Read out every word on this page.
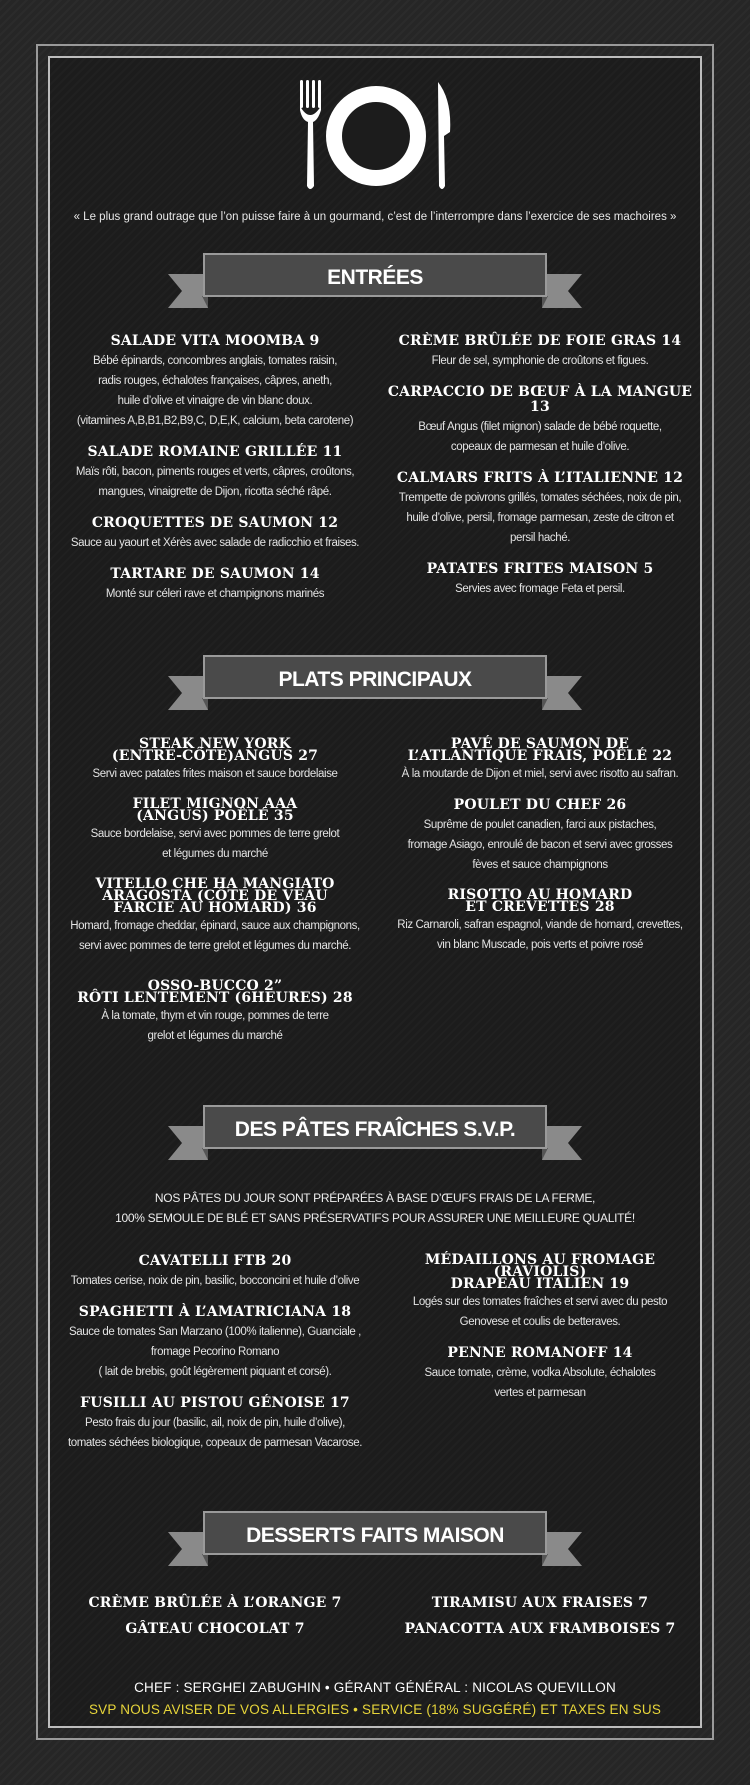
« Le plus grand outrage que l’on puisse faire à un gourmand, c’est de l’interrompre dans l’exercice de ses machoires »
ENTRÉES
PLATS PRINCIPAUX
DES PÂTES FRAÎCHES S.V.P.
DESSERTS FAITS MAISON
SALADE VITA MOOMBA 9
Bébé épinards, concombres anglais, tomates raisin,
radis rouges, échalotes françaises, câpres, aneth,
huile d’olive et vinaigre de vin blanc doux.
(vitamines A,B,B1,B2,B9,C, D,E,K, calcium, beta carotene)
SALADE ROMAINE GRILLÉE 11
Maïs rôti, bacon, piments rouges et verts, câpres, croûtons,
mangues, vinaigrette de Dijon, ricotta séché râpé.
CROQUETTES DE SAUMON 12
Sauce au yaourt et Xérès avec salade de radicchio et fraises.
TARTARE DE SAUMON 14
Monté sur céleri rave et champignons marinés
CRÈME BRÛLÉE DE FOIE GRAS 14
Fleur de sel, symphonie de croûtons et figues.
CARPACCIO DE BŒUF À LA MANGUE 13
Bœuf Angus (filet mignon) salade de bébé roquette,
copeaux de parmesan et huile d’olive.
CALMARS FRITS À L’ITALIENNE 12
Trempette de poivrons grillés, tomates séchées, noix de pin,
huile d’olive, persil, fromage parmesan, zeste de citron et
persil haché.
PATATES FRITES MAISON 5
Servies avec fromage Feta et persil.
STEAK NEW YORK
(ENTRE-CÔTE)ANGUS 27
Servi avec patates frites maison et sauce bordelaise
FILET MIGNON AAA
(ANGUS) POÊLÉ 35
Sauce bordelaise, servi avec pommes de terre grelot
et légumes du marché
VITELLO CHE HA MANGIATO
ARAGOSTA (CÔTE DE VEAU
FARCIE AU HOMARD) 36
Homard, fromage cheddar, épinard, sauce aux champignons,
servi avec pommes de terre grelot et légumes du marché.
OSSO-BUCCO 2”
RÔTI LENTEMENT (6HEURES) 28
À la tomate, thym et vin rouge, pommes de terre
grelot et légumes du marché
PAVÉ DE SAUMON DE
L’ATLANTIQUE FRAIS, POÊLÉ 22
À la moutarde de Dijon et miel, servi avec risotto au safran.
POULET DU CHEF 26
Suprême de poulet canadien, farci aux pistaches,
fromage Asiago, enroulé de bacon et servi avec grosses
fèves et sauce champignons
RISOTTO AU HOMARD
ET CREVETTES 28
Riz Carnaroli, safran espagnol, viande de homard, crevettes,
vin blanc Muscade, pois verts et poivre rosé
NOS PÂTES DU JOUR SONT PRÉPARÉES À BASE D’ŒUFS FRAIS DE LA FERME,
100% SEMOULE DE BLÉ ET SANS PRÉSERVATIFS POUR ASSURER UNE MEILLEURE QUALITÉ!
CAVATELLI FTB 20
Tomates cerise, noix de pin, basilic, bocconcini et huile d’olive
SPAGHETTI À L’AMATRICIANA 18
Sauce de tomates San Marzano (100% italienne), Guanciale ,
fromage Pecorino Romano
( lait de brebis, goût légèrement piquant et corsé).
FUSILLI AU PISTOU GÉNOISE 17
Pesto frais du jour (basilic, ail, noix de pin, huile d’olive),
tomates séchées biologique, copeaux de parmesan Vacarose.
MÉDAILLONS AU FROMAGE
(RAVIOLIS)
DRAPEAU ITALIEN 19
Logés sur des tomates fraîches et servi avec du pesto
Genovese et coulis de betteraves.
PENNE ROMANOFF 14
Sauce tomate, crème, vodka Absolute, échalotes
vertes et parmesan
CRÈME BRÛLÉE À L’ORANGE 7
GÂTEAU CHOCOLAT 7
TIRAMISU AUX FRAISES 7
PANACOTTA AUX FRAMBOISES 7
CHEF : SERGHEI ZABUGHIN • GÉRANT GÉNÉRAL : NICOLAS QUEVILLON
SVP NOUS AVISER DE VOS ALLERGIES • SERVICE (18% SUGGÉRÉ) ET TAXES EN SUS
